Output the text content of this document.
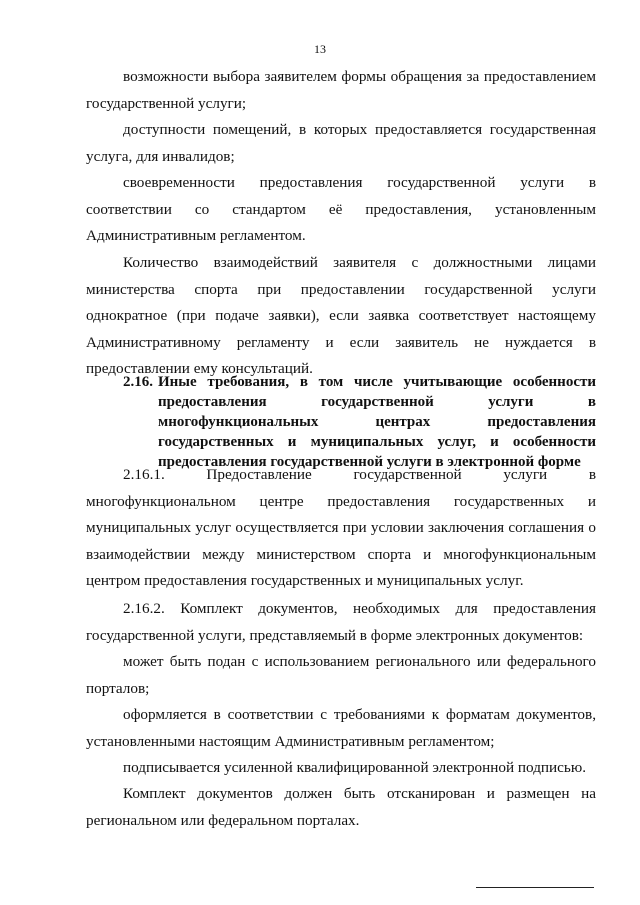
13

возможности выбора заявителем формы обращения за предоставлением государственной услуги;

доступности помещений, в которых предоставляется государственная услуга, для инвалидов;

своевременности предоставления государственной услуги в соответствии со стандартом её предоставления, установленным Административным регламентом.

Количество взаимодействий заявителя с должностными лицами министерства спорта при предоставлении государственной услуги однократное (при подаче заявки), если заявка соответствует настоящему Административному регламенту и если заявитель не нуждается в предоставлении ему консультаций.

2.16. Иные требования, в том числе учитывающие особенности предоставления государственной услуги в многофункциональных центрах предоставления государственных и муниципальных услуг, и особенности предоставления государственной услуги в электронной форме

2.16.1. Предоставление государственной услуги в многофункциональном центре предоставления государственных и муниципальных услуг осуществляется при условии заключения соглашения о взаимодействии между министерством спорта и многофункциональным центром предоставления государственных и муниципальных услуг.

2.16.2. Комплект документов, необходимых для предоставления государственной услуги, представляемый в форме электронных документов:

может быть подан с использованием регионального или федерального порталов;

оформляется в соответствии с требованиями к форматам документов, установленными настоящим Административным регламентом;

подписывается усиленной квалифицированной электронной подписью.

Комплект документов должен быть отсканирован и размещен на региональном или федеральном порталах.
